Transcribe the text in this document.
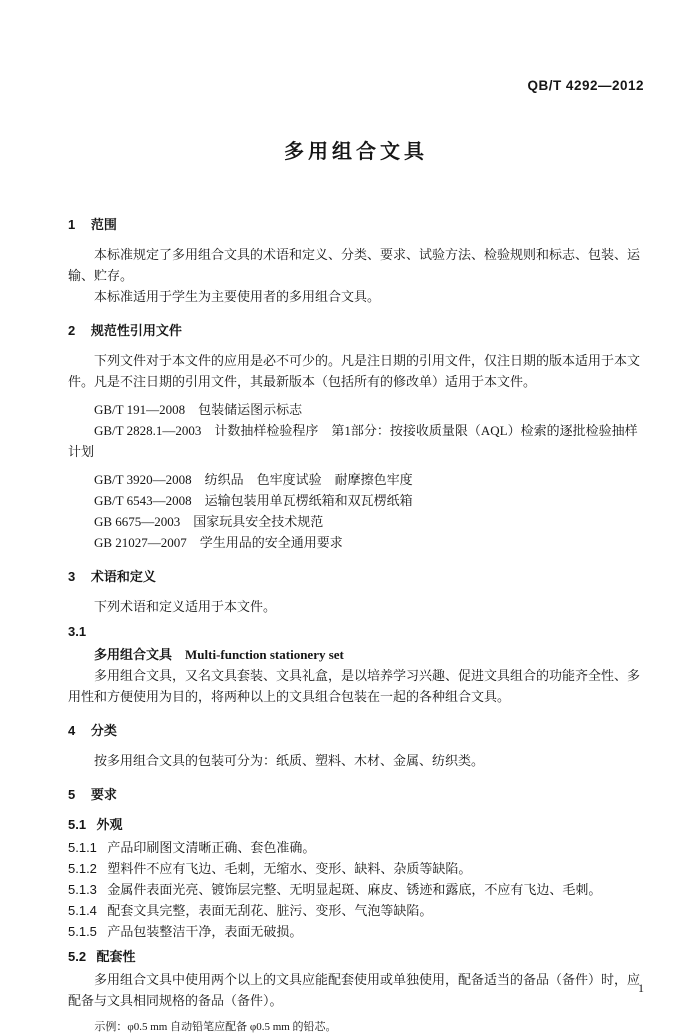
QB/T 4292—2012
多用组合文具
1 范围
本标准规定了多用组合文具的术语和定义、分类、要求、试验方法、检验规则和标志、包装、运输、贮存。
本标准适用于学生为主要使用者的多用组合文具。
2 规范性引用文件
下列文件对于本文件的应用是必不可少的。凡是注日期的引用文件，仅注日期的版本适用于本文件。凡是不注日期的引用文件，其最新版本（包括所有的修改单）适用于本文件。
GB/T 191—2008　包装储运图示标志
GB/T 2828.1—2003　计数抽样检验程序　第1部分：按接收质量限（AQL）检索的逐批检验抽样计划
GB/T 3920—2008　纺织品　色牢度试验　耐摩擦色牢度
GB/T 6543—2008　运输包装用单瓦楞纸箱和双瓦楞纸箱
GB 6675—2003　国家玩具安全技术规范
GB 21027—2007　学生用品的安全通用要求
3 术语和定义
下列术语和定义适用于本文件。
3.1
多用组合文具 Multi-function stationery set
多用组合文具，又名文具套装、文具礼盒，是以培养学习兴趣、促进文具组合的功能齐全性、多用性和方便使用为目的，将两种以上的文具组合包装在一起的各种组合文具。
4 分类
按多用组合文具的包装可分为：纸质、塑料、木材、金属、纺织类。
5 要求
5.1 外观
5.1.1 产品印刷图文清晰正确、套色准确。
5.1.2 塑料件不应有飞边、毛刺，无缩水、变形、缺料、杂质等缺陷。
5.1.3 金属件表面光亮、镀饰层完整、无明显起斑、麻皮、锈迹和露底，不应有飞边、毛刺。
5.1.4 配套文具完整，表面无刮花、脏污、变形、气泡等缺陷。
5.1.5 产品包装整洁干净，表面无破损。
5.2 配套性
多用组合文具中使用两个以上的文具应能配套使用或单独使用，配备适当的备品（备件）时，应配备与文具相同规格的备品（备件）。
示例：φ0.5 mm 自动铅笔应配备 φ0.5 mm 的铅芯。
1
